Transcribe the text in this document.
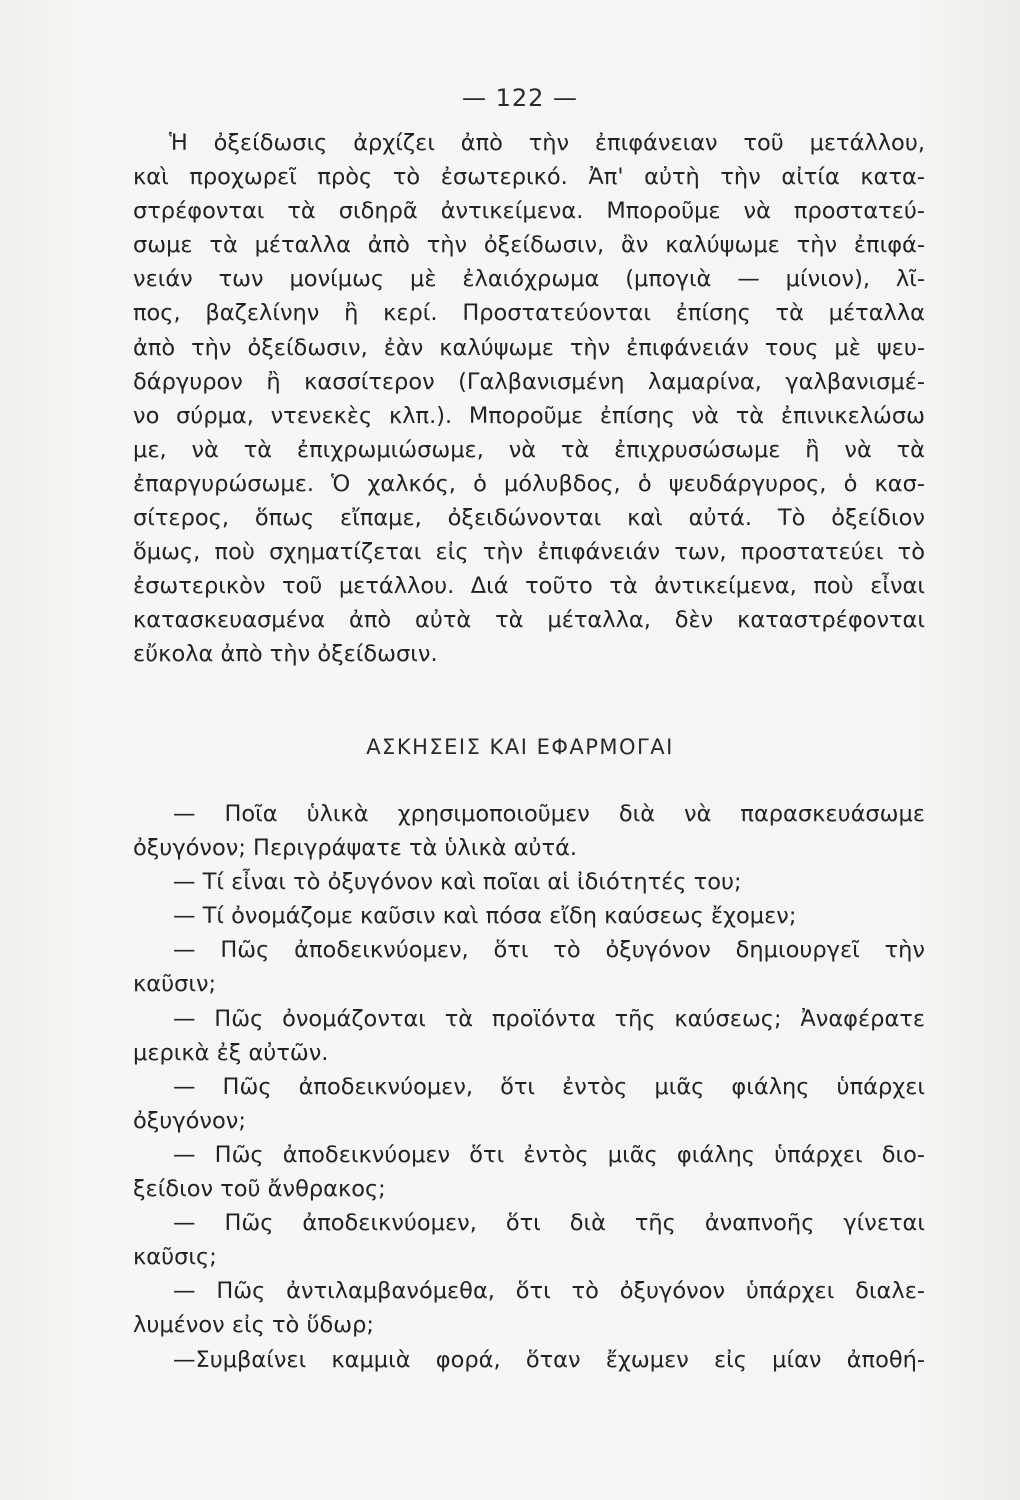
— 122 —
Ἡ ὀξείδωσις ἀρχίζει ἀπὸ τὴν ἐπιφάνειαν τοῦ μετάλλου,
καὶ προχωρεῖ πρὸς τὸ ἐσωτερικό. Ἀπ' αὐτὴ τὴν αἰτία κατα-
στρέφονται τὰ σιδηρᾶ ἀντικείμενα. Μποροῦμε νὰ προστατεύ-
σωμε τὰ μέταλλα ἀπὸ τὴν ὀξείδωσιν, ἂν καλύψωμε τὴν ἐπιφά-
νειάν των μονίμως μὲ ἐλαιόχρωμα (μπογιὰ — μίνιον), λῖ-
πος, βαζελίνην ἢ κερί. Προστατεύονται ἐπίσης τὰ μέταλλα
ἀπὸ τὴν ὀξείδωσιν, ἐὰν καλύψωμε τὴν ἐπιφάνειάν τους μὲ ψευ-
δάργυρον ἢ κασσίτερον (Γαλβανισμένη λαμαρίνα, γαλβανισμέ-
νο σύρμα, ντενεκὲς κλπ.). Μποροῦμε ἐπίσης νὰ τὰ ἐπινικελώσω
με, νὰ τὰ ἐπιχρωμιώσωμε, νὰ τὰ ἐπιχρυσώσωμε ἢ νὰ τὰ
ἐπαργυρώσωμε. Ὁ χαλκός, ὁ μόλυβδος, ὁ ψευδάργυρος, ὁ κασ-
σίτερος, ὅπως εἴπαμε, ὀξειδώνονται καὶ αὐτά. Τὸ ὀξείδιον
ὅμως, ποὺ σχηματίζεται εἰς τὴν ἐπιφάνειάν των, προστατεύει τὸ
ἐσωτερικὸν τοῦ μετάλλου. Διά τοῦτο τὰ ἀντικείμενα, ποὺ εἶναι
κατασκευασμένα ἀπὸ αὐτὰ τὰ μέταλλα, δὲν καταστρέφονται
εὔκολα ἀπὸ τὴν ὀξείδωσιν.
ΑΣΚΗΣΕΙΣ ΚΑΙ ΕΦΑΡΜΟΓΑΙ
— Ποῖα ὑλικὰ χρησιμοποιοῦμεν διὰ νὰ παρασκευάσωμε
ὀξυγόνον; Περιγράψατε τὰ ὑλικὰ αὐτά.
— Τί εἶναι τὸ ὀξυγόνον καὶ ποῖαι αἱ ἰδιότητές του;
— Τί ὀνομάζομε καῦσιν καὶ πόσα εἴδη καύσεως ἔχομεν;
— Πῶς ἀποδεικνύομεν, ὅτι τὸ ὀξυγόνον δημιουργεῖ τὴν
καῦσιν;
— Πῶς ὀνομάζονται τὰ προϊόντα τῆς καύσεως; Ἀναφέρατε
μερικὰ ἐξ αὐτῶν.
— Πῶς ἀποδεικνύομεν, ὅτι ἐντὸς μιᾶς φιάλης ὑπάρχει
ὀξυγόνον;
— Πῶς ἀποδεικνύομεν ὅτι ἐντὸς μιᾶς φιάλης ὑπάρχει διο-
ξείδιον τοῦ ἄνθρακος;
— Πῶς ἀποδεικνύομεν, ὅτι διὰ τῆς ἀναπνοῆς γίνεται
καῦσις;
— Πῶς ἀντιλαμβανόμεθα, ὅτι τὸ ὀξυγόνον ὑπάρχει διαλε-
λυμένον εἰς τὸ ὕδωρ;
—Συμβαίνει καμμιὰ φορά, ὅταν ἔχωμεν εἰς μίαν ἀποθή-
